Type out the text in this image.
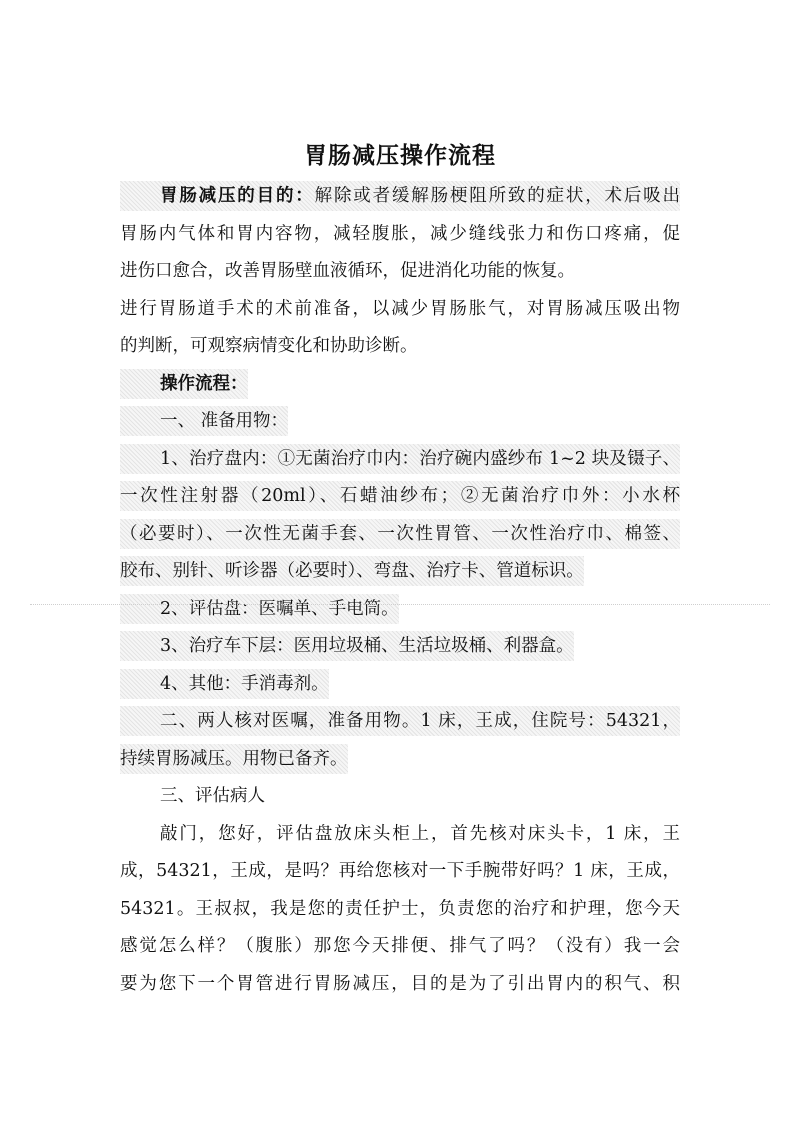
胃肠减压操作流程
胃肠减压的目的：解除或者缓解肠梗阻所致的症状，术后吸出
胃肠内气体和胃内容物，减轻腹胀，减少缝线张力和伤口疼痛，促
进伤口愈合，改善胃肠壁血液循环，促进消化功能的恢复。
进行胃肠道手术的术前准备，以减少胃肠胀气，对胃肠减压吸出物
的判断，可观察病情变化和协助诊断。
操作流程：
一、 准备用物：
1、治疗盘内：①无菌治疗巾内：治疗碗内盛纱布 1~2 块及镊子、
一次性注射器（20ml）、石蜡油纱布；②无菌治疗巾外：小水杯
（必要时）、一次性无菌手套、一次性胃管、一次性治疗巾、棉签、
胶布、别针、听诊器（必要时）、弯盘、治疗卡、管道标识。
2、评估盘：医嘱单、手电筒。
3、治疗车下层：医用垃圾桶、生活垃圾桶、利器盒。
4、其他：手消毒剂。
二、两人核对医嘱，准备用物。1 床，王成，住院号：54321，
持续胃肠减压。用物已备齐。
三、评估病人
敲门，您好，评估盘放床头柜上，首先核对床头卡，1 床，王
成，54321，王成，是吗？再给您核对一下手腕带好吗？1 床，王成，
54321。王叔叔，我是您的责任护士，负责您的治疗和护理，您今天
感觉怎么样？（腹胀）那您今天排便、排气了吗？（没有）我一会
要为您下一个胃管进行胃肠减压，目的是为了引出胃内的积气、积
